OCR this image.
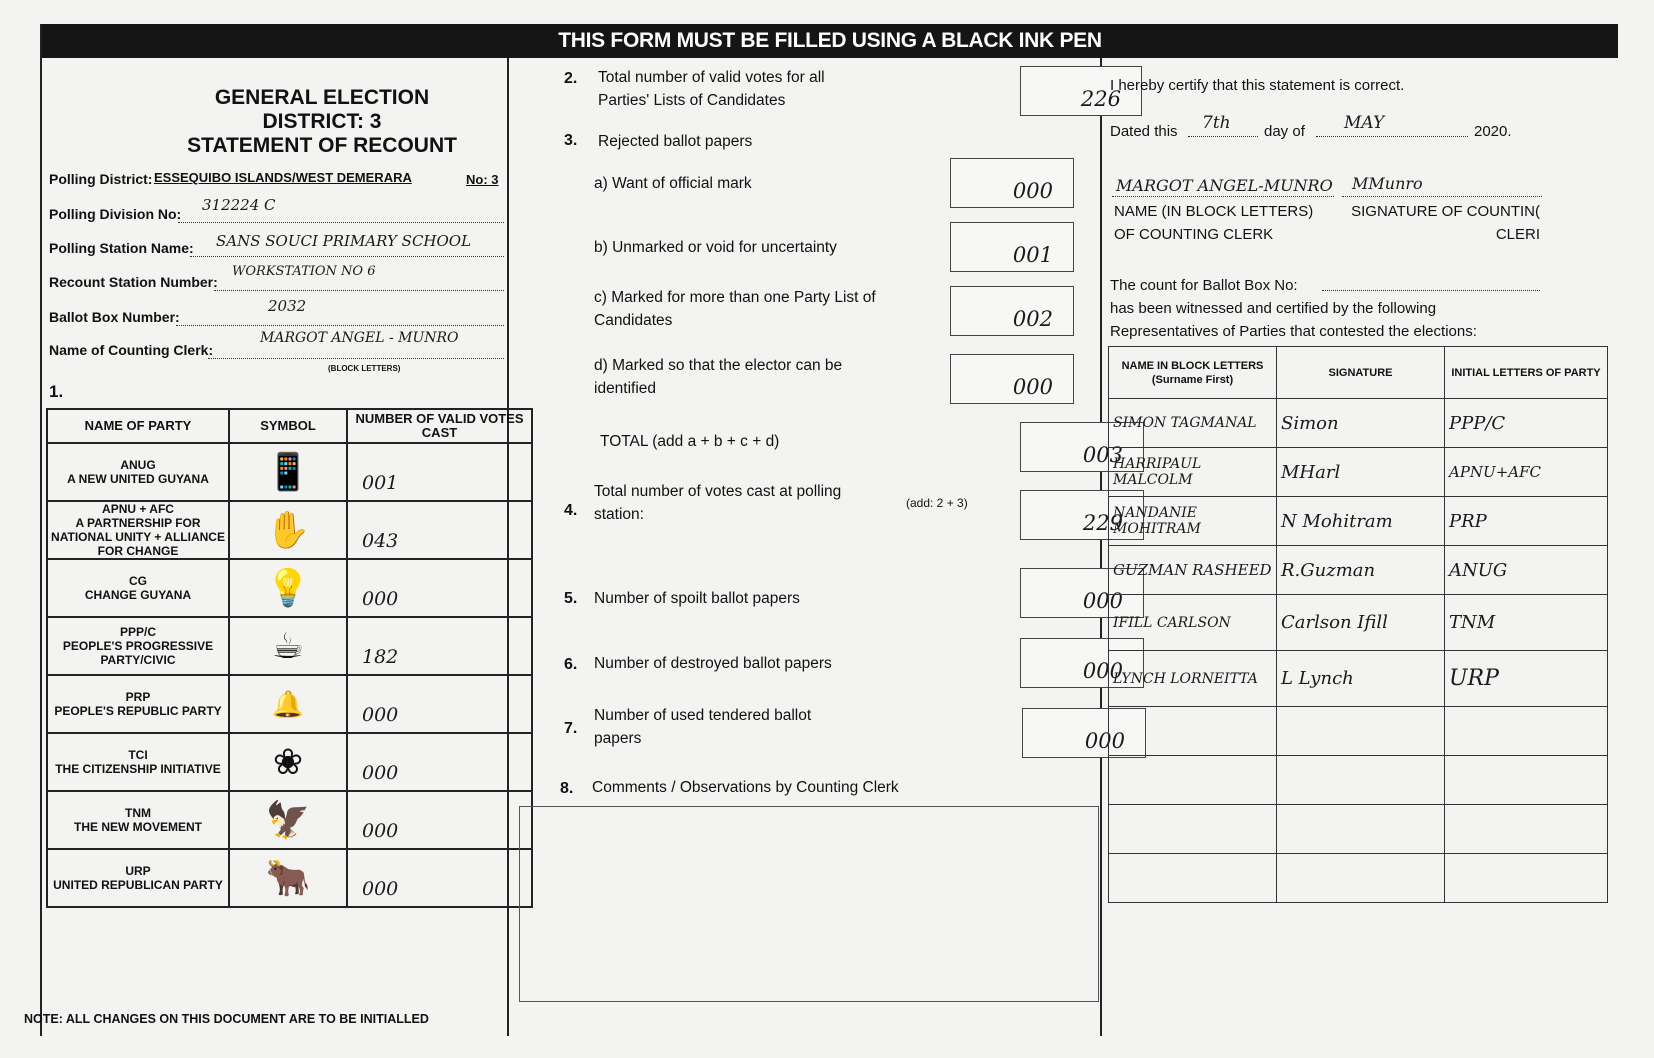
THIS FORM MUST BE FILLED USING A BLACK INK PEN
GENERAL ELECTION
DISTRICT: 3
STATEMENT OF RECOUNT
Polling District: ESSEQUIBO ISLANDS/WEST DEMERARA	No: 3
Polling Division No: 312224 C
Polling Station Name: SANS SOUCI PRIMARY SCHOOL
Recount Station Number:
WORKSTATION NO 6
Ballot Box Number:
2032
Name of Counting Clerk:
MARGOT ANGEL - MUNRO
(BLOCK LETTERS)
1.
NAME OF PARTY	SYMBOL	NUMBER OF VALID VOTES CAST

ANUG
A NEW UNITED GUYANA	📱	001

APNU + AFC
A PARTNERSHIP FOR NATIONAL UNITY + ALLIANCE FOR CHANGE	✋	043

CG
CHANGE GUYANA	💡	000

PPP/C
PEOPLE'S PROGRESSIVE PARTY/CIVIC	☕	182

PRP
PEOPLE'S REPUBLIC PARTY	🔔	000

TCI
THE CITIZENSHIP INITIATIVE	❀	000

TNM
THE NEW MOVEMENT	🦅	000

URP
UNITED REPUBLICAN PARTY	🐂	000
NOTE: ALL CHANGES ON THIS DOCUMENT ARE TO BE INITIALLED
2. Total number of valid votes for all
Parties' Lists of Candidates	226
3. Rejected ballot papers
a) Want of official mark	000
b) Unmarked or void for uncertainty	001
c) Marked for more than one Party List of
Candidates	002
d) Marked so that the elector can be
identified	000
TOTAL (add a + b + c + d)
003
4.
Total number of votes cast at polling
station:
(add: 2 + 3)
229
5. Number of spoilt ballot papers	000
6. Number of destroyed ballot papers	000
7.
Number of used tendered ballot
papers	000
8. Comments / Observations by Counting Clerk
I hereby certify that this statement is correct.
Dated this 7th day of MAY	2020.
MARGOT ANGEL-MUNRO MMunro
NAME (IN BLOCK LETTERS)
OF COUNTING CLERK
SIGNATURE OF COUNTIN(
CLERI
The count for Ballot Box No:
has been witnessed and certified by the following
Representatives of Parties that contested the elections:
NAME IN BLOCK LETTERS (Surname First)	SIGNATURE	INITIAL LETTERS OF PARTY
SIMON TAGMANAL	Simon	PPP/C
HARRIPAUL MALCOLM	MHarl	APNU+AFC
NANDANIE MOHITRAM	N Mohitram	PRP
GUZMAN RASHEED	R.Guzman	ANUG
IFILL CARLSON	Carlson Ifill	TNM
LYNCH LORNEITTA	L Lynch	URP
